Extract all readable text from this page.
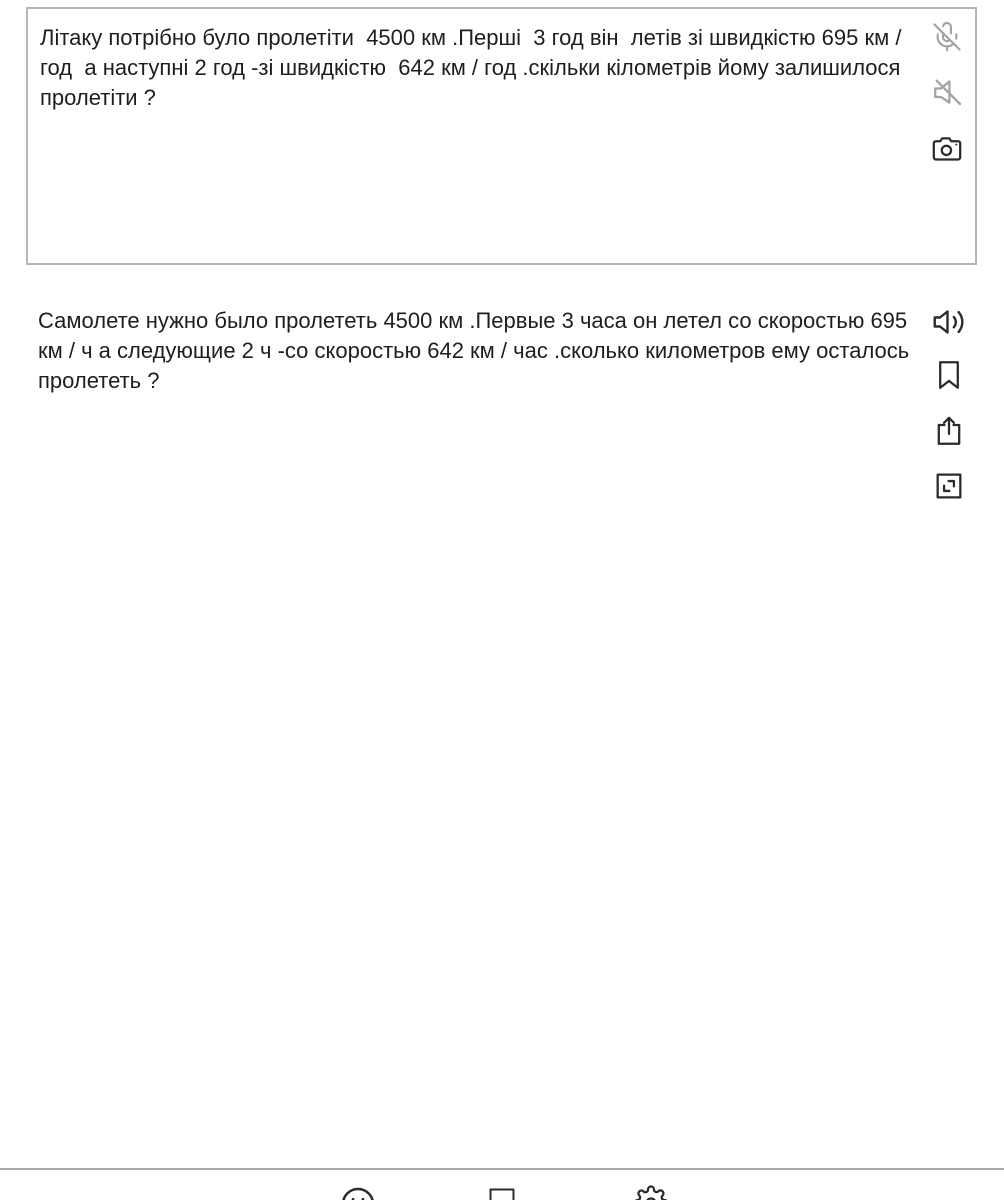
Літаку потрібно було пролетіти  4500 км .Перші  3 год він  летів зі швидкістю 695 км / год  а наступні 2 год -зі швидкістю  642 км / год .скільки кілометрів йому залишилося пролетіти ?
Самолете нужно было пролететь 4500 км .Первые 3 часа он летел со скоростью 695 км / ч а следующие 2 ч -со скоростью 642 км / час .сколько километров ему осталось пролететь ?
